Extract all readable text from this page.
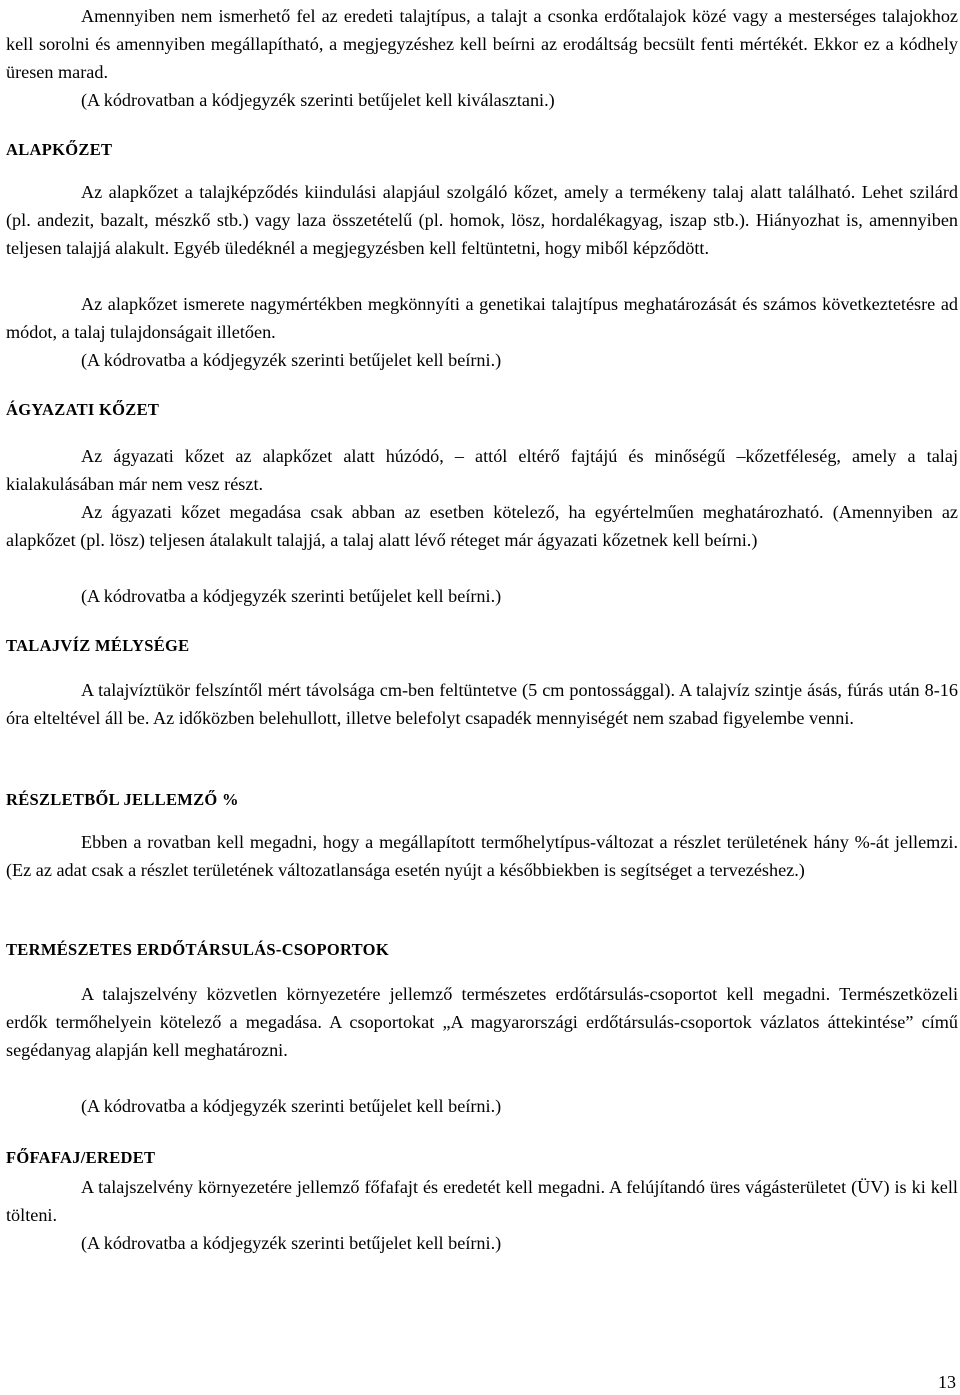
Amennyiben nem ismerhető fel az eredeti talajtípus, a talajt a csonka erdőtalajok közé vagy a mesterséges talajokhoz kell sorolni és amennyiben megállapítható, a megjegyzéshez kell beírni az erodáltság becsült fenti mértékét. Ekkor ez a kódhely üresen marad.

(A kódrovatban a kódjegyzék szerinti betűjelet kell kiválasztani.)

ALAPKŐZET

Az alapkőzet a talajképződés kiindulási alapjául szolgáló kőzet, amely a termékeny talaj alatt található. Lehet szilárd (pl. andezit, bazalt, mészkő stb.) vagy laza összetételű (pl. homok, lösz, hordalékagyag, iszap stb.). Hiányozhat is, amennyiben teljesen talajjá alakult. Egyéb üledéknél a megjegyzésben kell feltüntetni, hogy miből képződött.

Az alapkőzet ismerete nagymértékben megkönnyíti a genetikai talajtípus meghatározását és számos következtetésre ad módot, a talaj tulajdonságait illetően.

(A kódrovatba a kódjegyzék szerinti betűjelet kell beírni.)

ÁGYAZATI KŐZET

Az ágyazati kőzet az alapkőzet alatt húzódó, – attól eltérő fajtájú és minőségű –kőzetféleség, amely a talaj kialakulásában már nem vesz részt.

Az ágyazati kőzet megadása csak abban az esetben kötelező, ha egyértelműen meghatározható. (Amennyiben az alapkőzet (pl. lösz) teljesen átalakult talajjá, a talaj alatt lévő réteget már ágyazati kőzetnek kell beírni.)

(A kódrovatba a kódjegyzék szerinti betűjelet kell beírni.)

TALAJVÍZ MÉLYSÉGE

A talajvíztükör felszíntől mért távolsága cm-ben feltüntetve (5 cm pontossággal). A talajvíz szintje ásás, fúrás után 8-16 óra elteltével áll be. Az időközben belehullott, illetve belefolyt csapadék mennyiségét nem szabad figyelembe venni.

RÉSZLETBŐL JELLEMZŐ %

Ebben a rovatban kell megadni, hogy a megállapított termőhelytípus-változat a részlet területének hány %-át jellemzi. (Ez az adat csak a részlet területének változatlansága esetén nyújt a későbbiekben is segítséget a tervezéshez.)

TERMÉSZETES ERDŐTÁRSULÁS-CSOPORTOK

A talajszelvény közvetlen környezetére jellemző természetes erdőtársulás-csoportot kell megadni. Természetközeli erdők termőhelyein kötelező a megadása. A csoportokat „A magyarországi erdőtársulás-csoportok vázlatos áttekintése” című segédanyag alapján kell meghatározni.

(A kódrovatba a kódjegyzék szerinti betűjelet kell beírni.)

FŐFAFAJ/EREDET

A talajszelvény környezetére jellemző főfafajt és eredetét kell megadni. A felújítandó üres vágásterületet (ÜV) is ki kell tölteni.

(A kódrovatba a kódjegyzék szerinti betűjelet kell beírni.)

13
